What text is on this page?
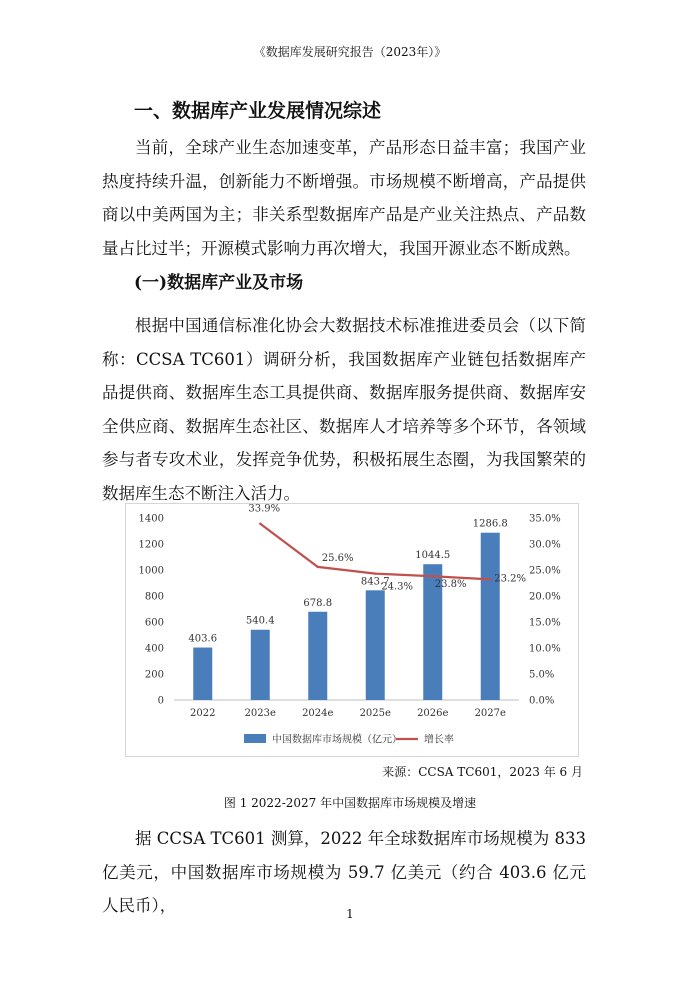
《数据库发展研究报告（2023年）》
一、数据库产业发展情况综述

当前，全球产业生态加速变革，产品形态日益丰富；我国产业热度持续升温，创新能力不断增强。市场规模不断增高，产品提供商以中美两国为主；非关系型数据库产品是产业关注热点、产品数量占比过半；开源模式影响力再次增大，我国开源业态不断成熟。

(一)数据库产业及市场

根据中国通信标准化协会大数据技术标准推进委员会（以下简称：CCSA TC601）调研分析，我国数据库产业链包括数据库产品提供商、数据库生态工具提供商、数据库服务提供商、数据库安全供应商、数据库生态社区、数据库人才培养等多个环节，各领域参与者专攻术业，发挥竞争优势，积极拓展生态圈，为我国繁荣的数据库生态不断注入活力。

0
200
400
600
800
1000
1200
1400
0.0%
5.0%
10.0%
15.0%
20.0%
25.0%
30.0%
35.0%
403.6
540.4
678.8
843.7
1044.5
1286.8
2022	2023e	2024e	2025e	2026e	2027e
33.9%
25.6%
24.3% 23.8%
23.2%
中国数据库市场规模（亿元） 增长率
来源：CCSA TC601，2023 年 6 月
图 1 2022-2027 年中国数据库市场规模及增速

据 CCSA TC601 测算，2022 年全球数据库市场规模为 833 亿美元，中国数据库市场规模为 59.7 亿美元（约合 403.6 亿元人民币），	1
